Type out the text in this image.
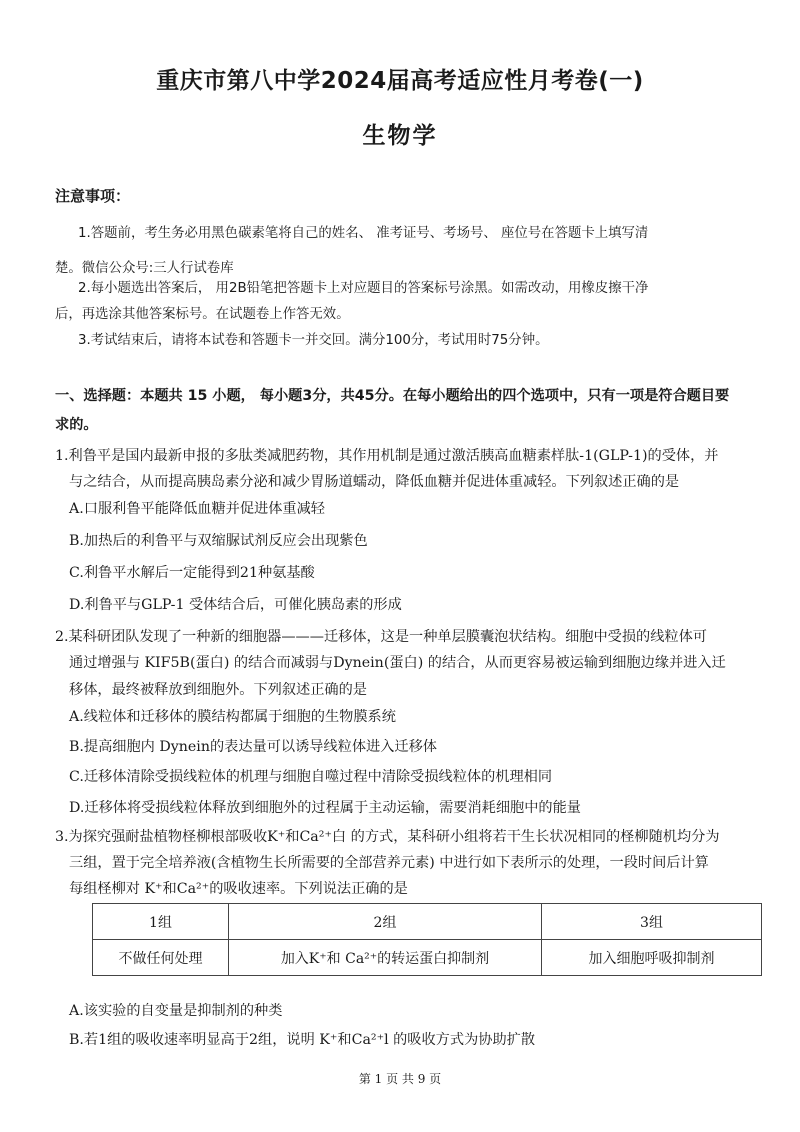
重庆市第八中学2024届高考适应性月考卷(一)
生物学
注意事项：
1.答题前，考生务必用黑色碳素笔将自己的姓名、 准考证号、考场号、 座位号在答题卡上填写清
楚。微信公众号:三人行试卷库
2.每小题选出答案后， 用2B铅笔把答题卡上对应题目的答案标号涂黑。如需改动，用橡皮擦干净
后，再选涂其他答案标号。在试题卷上作答无效。
3.考试结束后，请将本试卷和答题卡一并交回。满分100分，考试用时75分钟。
一、选择题：本题共 15 小题， 每小题3分，共45分。在每小题给出的四个选项中，只有一项是符合题目要
求的。
1.利鲁平是国内最新申报的多肽类减肥药物，其作用机制是通过激活胰高血糖素样肽-1(GLP-1)的受体，并
与之结合，从而提高胰岛素分泌和减少胃肠道蠕动，降低血糖并促进体重减轻。下列叙述正确的是
A.口服利鲁平能降低血糖并促进体重减轻
B.加热后的利鲁平与双缩脲试剂反应会出现紫色
C.利鲁平水解后一定能得到21种氨基酸
D.利鲁平与GLP-1 受体结合后，可催化胰岛素的形成
2.某科研团队发现了一种新的细胞器———迁移体，这是一种单层膜囊泡状结构。细胞中受损的线粒体可
通过增强与 KIF5B(蛋白) 的结合而减弱与Dynein(蛋白) 的结合，从而更容易被运输到细胞边缘并进入迁
移体，最终被释放到细胞外。下列叙述正确的是
A.线粒体和迁移体的膜结构都属于细胞的生物膜系统
B.提高细胞内 Dynein的表达量可以诱导线粒体进入迁移体
C.迁移体清除受损线粒体的机理与细胞自噬过程中清除受损线粒体的机理相同
D.迁移体将受损线粒体释放到细胞外的过程属于主动运输，需要消耗细胞中的能量
3.为探究强耐盐植物柽柳根部吸收K⁺和Ca²⁺白 的方式，某科研小组将若干生长状况相同的柽柳随机均分为
三组，置于完全培养液(含植物生长所需要的全部营养元素) 中进行如下表所示的处理，一段时间后计算
每组柽柳对 K⁺和Ca²⁺的吸收速率。下列说法正确的是
1组	2组	3组
不做任何处理	加入K⁺和 Ca²⁺的转运蛋白抑制剂	加入细胞呼吸抑制剂
A.该实验的自变量是抑制剂的种类
B.若1组的吸收速率明显高于2组，说明 K⁺和Ca²⁺l 的吸收方式为协助扩散
第 1 页 共 9 页
